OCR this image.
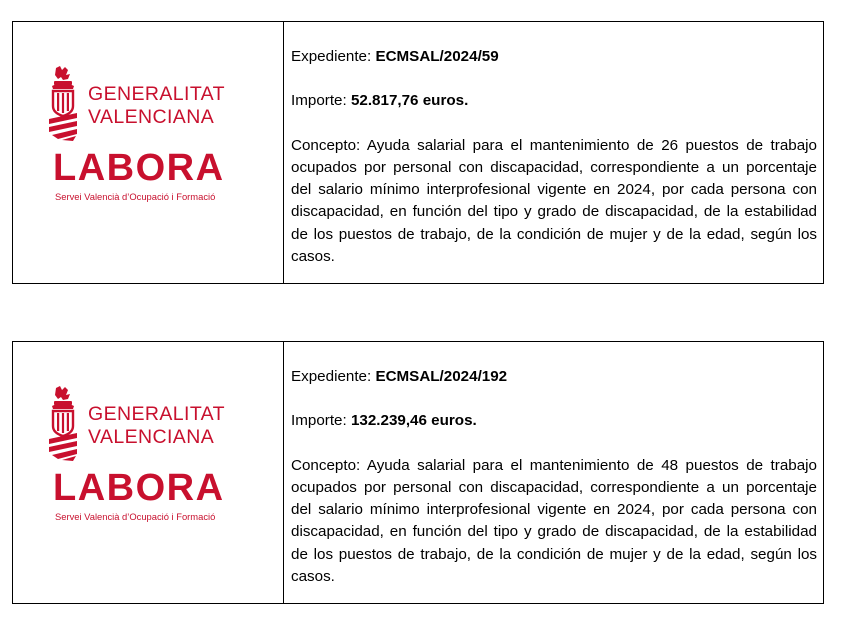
GENERALITAT
VALENCIANA
LABORA
Servei Valencià d’Ocupació i Formació

Expediente: ECMSAL/2024/59

Importe: 52.817,76 euros.

Concepto: Ayuda salarial para el mantenimiento de 26 puestos de trabajo ocupados por personal con discapacidad, correspondiente a un porcentaje del salario mínimo interprofesional vigente en 2024, por cada persona con discapacidad, en función del tipo y grado de discapacidad, de la estabilidad de los puestos de trabajo, de la condición de mujer y de la edad, según los casos.

GENERALITAT
VALENCIANA
LABORA
Servei Valencià d’Ocupació i Formació

Expediente: ECMSAL/2024/192

Importe: 132.239,46 euros.

Concepto: Ayuda salarial para el mantenimiento de 48 puestos de trabajo ocupados por personal con discapacidad, correspondiente a un porcentaje del salario mínimo interprofesional vigente en 2024, por cada persona con discapacidad, en función del tipo y grado de discapacidad, de la estabilidad de los puestos de trabajo, de la condición de mujer y de la edad, según los casos.
